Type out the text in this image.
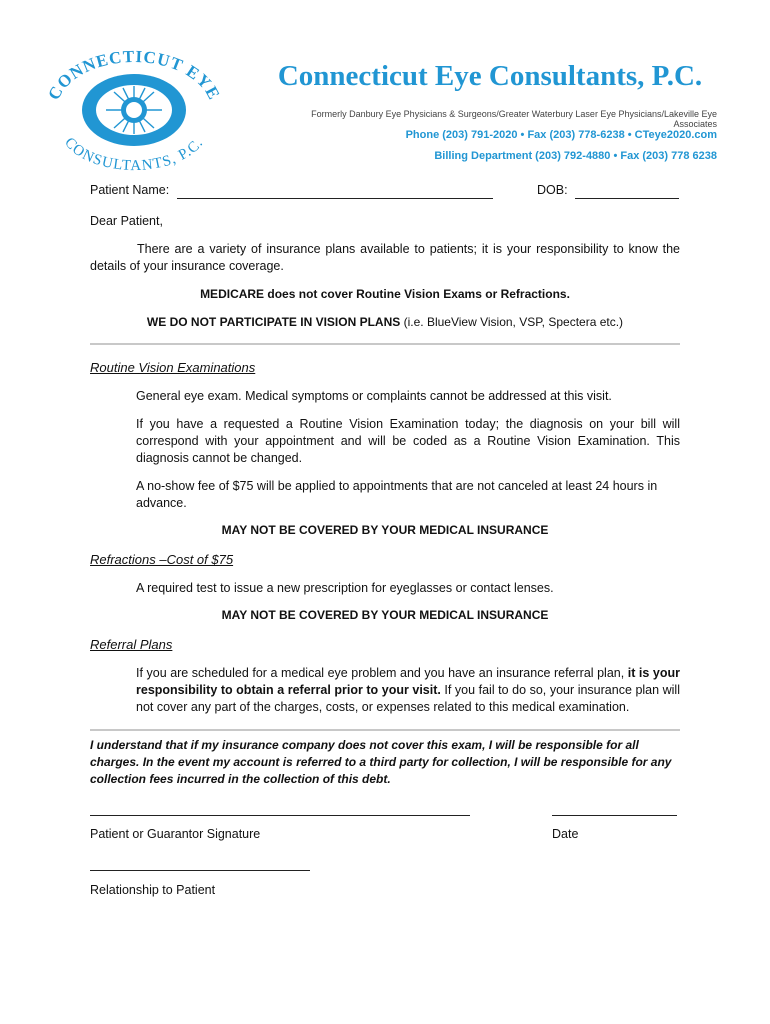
CONNECTICUT EYE
CONSULTANTS, P.C.
Connecticut Eye Consultants, P.C.
Formerly Danbury Eye Physicians & Surgeons/Greater Waterbury Laser Eye Physicians/Lakeville Eye Associates
Phone (203) 791-2020 • Fax (203) 778-6238 • CTeye2020.com
Billing Department (203) 792-4880 • Fax (203) 778 6238
Patient Name:	DOB:
Dear Patient,
There are a variety of insurance plans available to patients; it is your responsibility to know the details of your insurance coverage.
MEDICARE does not cover Routine Vision Exams or Refractions.
WE DO NOT PARTICIPATE IN VISION PLANS (i.e. BlueView Vision, VSP, Spectera etc.)
Routine Vision Examinations
General eye exam. Medical symptoms or complaints cannot be addressed at this visit.
If you have a requested a Routine Vision Examination today; the diagnosis on your bill will correspond with your appointment and will be coded as a Routine Vision Examination. This diagnosis cannot be changed.
A no-show fee of $75 will be applied to appointments that are not canceled at least 24 hours in advance.
MAY NOT BE COVERED BY YOUR MEDICAL INSURANCE
Refractions –Cost of $75
A required test to issue a new prescription for eyeglasses or contact lenses.
MAY NOT BE COVERED BY YOUR MEDICAL INSURANCE
Referral Plans
If you are scheduled for a medical eye problem and you have an insurance referral plan, it is your responsibility to obtain a referral prior to your visit. If you fail to do so, your insurance plan will not cover any part of the charges, costs, or expenses related to this medical examination.
I understand that if my insurance company does not cover this exam, I will be responsible for all charges. In the event my account is referred to a third party for collection, I will be responsible for any collection fees incurred in the collection of this debt.
Patient or Guarantor Signature	Date
Relationship to Patient
